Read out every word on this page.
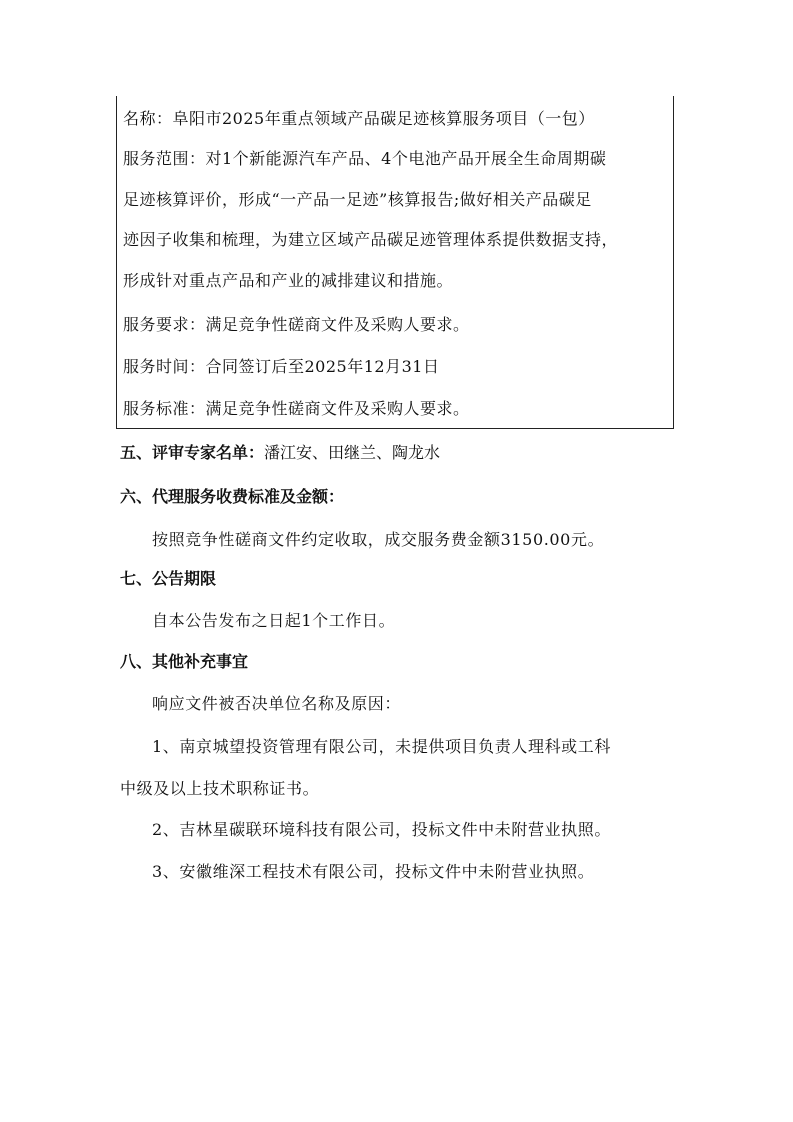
名称：阜阳市2025年重点领域产品碳足迹核算服务项目（一包）
服务范围：对1个新能源汽车产品、4个电池产品开展全生命周期碳
足迹核算评价，形成“一产品一足迹”核算报告;做好相关产品碳足
迹因子收集和梳理，为建立区域产品碳足迹管理体系提供数据支持，
形成针对重点产品和产业的减排建议和措施。
服务要求：满足竞争性磋商文件及采购人要求。
服务时间：合同签订后至2025年12月31日
服务标准：满足竞争性磋商文件及采购人要求。
五、评审专家名单：潘江安、田继兰、陶龙水
六、代理服务收费标准及金额：
按照竞争性磋商文件约定收取，成交服务费金额3150.00元。
七、公告期限
自本公告发布之日起1个工作日。
八、其他补充事宜
响应文件被否决单位名称及原因：
1、南京城望投资管理有限公司，未提供项目负责人理科或工科
中级及以上技术职称证书。
2、吉林星碳联环境科技有限公司，投标文件中未附营业执照。
3、安徽维深工程技术有限公司，投标文件中未附营业执照。
